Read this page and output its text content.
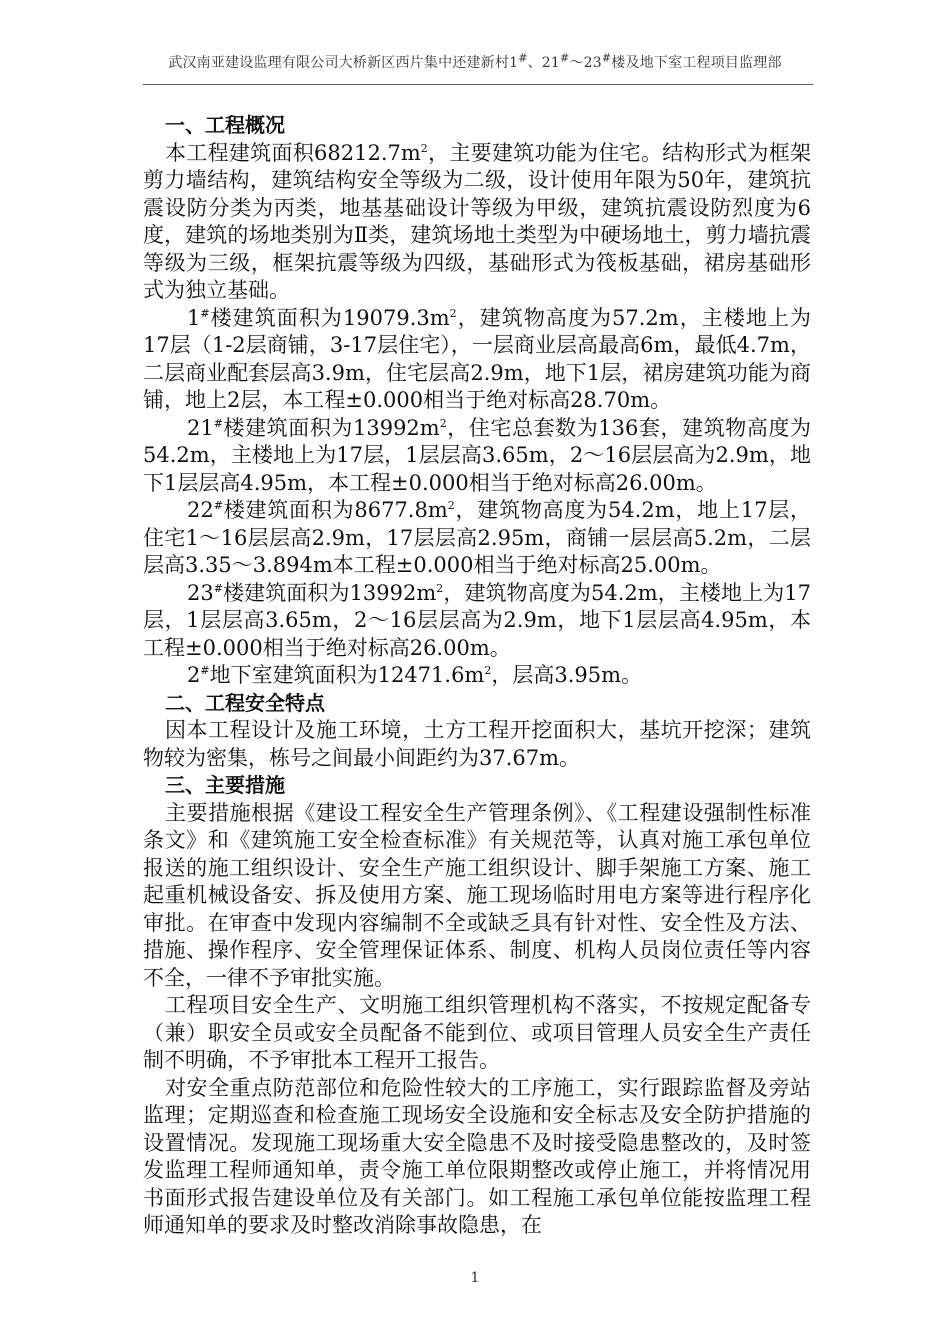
武汉南亚建设监理有限公司大桥新区西片集中还建新村1#、21#～23#楼及地下室工程项目监理部

一、工程概况

本工程建筑面积$68212.7m^2$，主要建筑功能为住宅。结构形式为框架剪力墙结构，建筑结构安全等级为二级，设计使用年限为50年，建筑抗震设防分类为丙类，地基基础设计等级为甲级，建筑抗震设防烈度为6度，建筑的场地类别为Ⅱ类，建筑场地土类型为中硬场地土，剪力墙抗震等级为三级，框架抗震等级为四级，基础形式为筏板基础，裙房基础形式为独立基础。

1#楼建筑面积为$19079.3m^2$，建筑物高度为57.2m，主楼地上为17层（1-2层商铺，3-17层住宅），一层商业层高最高6m，最低4.7m，二层商业配套层高3.9m，住宅层高2.9m，地下1层，裙房建筑功能为商铺，地上2层，本工程±0.000相当于绝对标高28.70m。

21#楼建筑面积为$13992m^2$，住宅总套数为136套，建筑物高度为54.2m，主楼地上为17层，1层层高3.65m，2～16层层高为2.9m，地下1层层高4.95m，本工程±0.000相当于绝对标高26.00m。

22#楼建筑面积为$8677.8m^2$，建筑物高度为54.2m，地上17层，住宅1～16层层高2.9m，17层层高2.95m，商铺一层层高5.2m，二层层高3.35～3.894m本工程±0.000相当于绝对标高25.00m。

23#楼建筑面积为$13992m^2$，建筑物高度为54.2m，主楼地上为17层，1层层高3.65m，2～16层层高为2.9m，地下1层层高4.95m，本工程±0.000相当于绝对标高26.00m。

2#地下室建筑面积为$12471.6m^2$，层高3.95m。

二、工程安全特点

因本工程设计及施工环境，土方工程开挖面积大，基坑开挖深；建筑物较为密集，栋号之间最小间距约为37.67m。

三、主要措施

主要措施根据《建设工程安全生产管理条例》、《工程建设强制性标准条文》和《建筑施工安全检查标准》有关规范等，认真对施工承包单位报送的施工组织设计、安全生产施工组织设计、脚手架施工方案、施工起重机械设备安、拆及使用方案、施工现场临时用电方案等进行程序化审批。在审查中发现内容编制不全或缺乏具有针对性、安全性及方法、措施、操作程序、安全管理保证体系、制度、机构人员岗位责任等内容不全，一律不予审批实施。

工程项目安全生产、文明施工组织管理机构不落实，不按规定配备专（兼）职安全员或安全员配备不能到位、或项目管理人员安全生产责任制不明确，不予审批本工程开工报告。

对安全重点防范部位和危险性较大的工序施工，实行跟踪监督及旁站监理；定期巡查和检查施工现场安全设施和安全标志及安全防护措施的设置情况。发现施工现场重大安全隐患不及时接受隐患整改的，及时签发监理工程师通知单，责令施工单位限期整改或停止施工，并将情况用书面形式报告建设单位及有关部门。如工程施工承包单位能按监理工程师通知单的要求及时整改消除事故隐患，在

1
